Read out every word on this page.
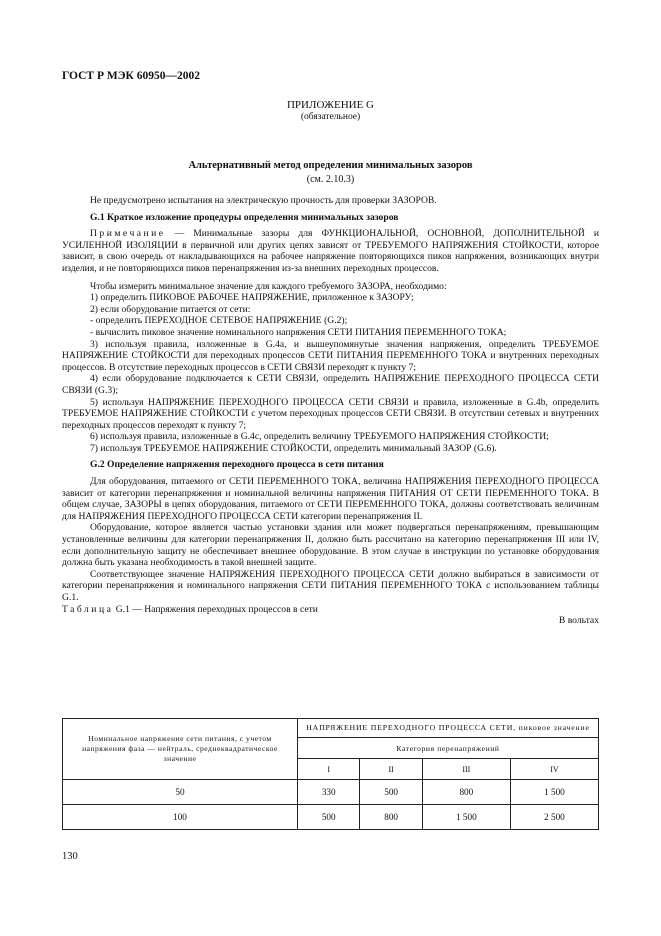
ГОСТ Р МЭК 60950—2002
ПРИЛОЖЕНИЕ G
(обязательное)
Альтернативный метод определения минимальных зазоров
(см. 2.10.3)

Не предусмотрено испытания на электрическую прочность для проверки ЗАЗОРОВ.

G.1 Краткое изложение процедуры определения минимальных зазоров

Примечание — Минимальные зазоры для ФУНКЦИОНАЛЬНОЙ, ОСНОВНОЙ, ДОПОЛНИТЕЛЬНОЙ и УСИЛЕННОЙ ИЗОЛЯЦИИ в первичной или других цепях зависят от ТРЕБУЕМОГО НАПРЯЖЕНИЯ СТОЙКОСТИ, которое зависит, в свою очередь от накладывающихся на рабочее напряжение повторяющихся пиков напряжения, возникающих внутри изделия, и не повторяющихся пиков перенапряжения из-за внешних переходных процессов.

Чтобы измерить минимальное значение для каждого требуемого ЗАЗОРА, необходимо:

1) определить ПИКОВОЕ РАБОЧЕЕ НАПРЯЖЕНИЕ, приложенное к ЗАЗОРУ;

2) если оборудование питается от сети:

- определить ПЕРЕХОДНОЕ СЕТЕВОЕ НАПРЯЖЕНИЕ (G.2);

- вычислить пиковое значение номинального напряжения СЕТИ ПИТАНИЯ ПЕРЕМЕННОГО ТОКА;

3) используя правила, изложенные в G.4a, и вышеупомянутые значения напряжения, определить ТРЕБУЕМОЕ НАПРЯЖЕНИЕ СТОЙКОСТИ для переходных процессов СЕТИ ПИТАНИЯ ПЕРЕМЕННОГО ТОКА и внутренних переходных процессов. В отсутствие переходных процессов в СЕТИ СВЯЗИ переходят к пункту 7;

4) если оборудование подключается к СЕТИ СВЯЗИ, определить НАПРЯЖЕНИЕ ПЕРЕХОДНОГО ПРОЦЕССА СЕТИ СВЯЗИ (G.3);

5) используя НАПРЯЖЕНИЕ ПЕРЕХОДНОГО ПРОЦЕССА СЕТИ СВЯЗИ и правила, изложенные в G.4b, определить ТРЕБУЕМОЕ НАПРЯЖЕНИЕ СТОЙКОСТИ с учетом переходных процессов СЕТИ СВЯЗИ. В отсутствии сетевых и внутренних переходных процессов переходят к пункту 7;

6) используя правила, изложенные в G.4c, определить величину ТРЕБУЕМОГО НАПРЯЖЕНИЯ СТОЙКОСТИ;

7) используя ТРЕБУЕМОЕ НАПРЯЖЕНИЕ СТОЙКОСТИ, определить минимальный ЗАЗОР (G.6).

G.2 Определение напряжения переходного процесса в сети питания

Для оборудования, питаемого от СЕТИ ПЕРЕМЕННОГО ТОКА, величина НАПРЯЖЕНИЯ ПЕРЕХОДНОГО ПРОЦЕССА зависит от категории перенапряжения и номинальной величины напряжения ПИТАНИЯ ОТ СЕТИ ПЕРЕМЕННОГО ТОКА. В общем случае, ЗАЗОРЫ в цепях оборудования, питаемого от СЕТИ ПЕРЕМЕННОГО ТОКА, должны соответствовать величинам для НАПРЯЖЕНИЯ ПЕРЕХОДНОГО ПРОЦЕССА СЕТИ категории перенапряжения II.

Оборудование, которое является частью установки здания или может подвергаться перенапряжениям, превышающим установленные величины для категории перенапряжения II, должно быть рассчитано на категорию перенапряжения III или IV, если дополнительную защиту не обеспечивает внешнее оборудование. В этом случае в инструкции по установке оборудования должна быть указана необходимость в такой внешней защите.

Соответствующее значение НАПРЯЖЕНИЯ ПЕРЕХОДНОГО ПРОЦЕССА СЕТИ должно выбираться в зависимости от категории перенапряжения и номинального напряжения СЕТИ ПИТАНИЯ ПЕРЕМЕННОГО ТОКА с использованием таблицы G.1.

Таблица G.1 — Напряжения переходных процессов в сети

В вольтах

Номинальное напряжение сети питания, с учетом напряжения фаза — нейтраль, среднеквадратическое значение	НАПРЯЖЕНИЕ ПЕРЕХОДНОГО ПРОЦЕССА СЕТИ, пиковое значение			
	Категория перенапряжений			
	I	II	III	IV
50	330	500	800	1 500
100	500	800	1 500	2 500
130
